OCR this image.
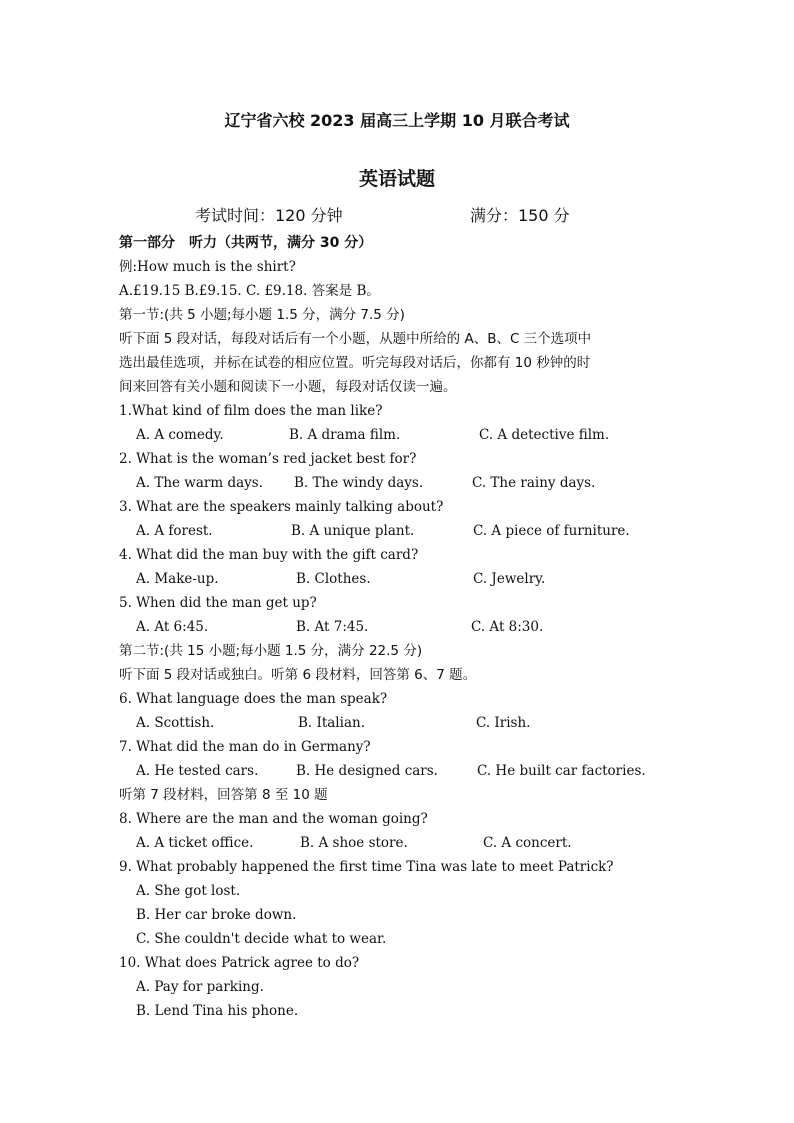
辽宁省六校 2023 届高三上学期 10 月联合考试
英语试题
考试时间：120 分钟	满分：150 分
第一部分　听力（共两节，满分 30 分）
例:How much is the shirt?
A.£19.15 B.£9.15. C. £9.18. 答案是 B。
第一节:(共 5 小题;每小题 1.5 分，满分 7.5 分)
听下面 5 段对话，每段对话后有一个小题，从题中所给的 A、B、C 三个选项中
选出最佳选项，并标在试卷的相应位置。听完每段对话后，你都有 10 秒钟的时
间来回答有关小题和阅读下一小题，每段对话仅读一遍。
1.What kind of film does the man like?
A. A comedy.	B. A drama film.	C. A detective film.
2. What is the woman’s red jacket best for?
A. The warm days. B. The windy days.	C. The rainy days.
3. What are the speakers mainly talking about?
A. A forest.	B. A unique plant.	C. A piece of furniture.
4. What did the man buy with the gift card?
A. Make-up.	B. Clothes.	C. Jewelry.
5. When did the man get up?
A. At 6:45.	B. At 7:45.	C. At 8:30.
第二节:(共 15 小题;每小题 1.5 分，满分 22.5 分)
听下面 5 段对话或独白。听第 6 段材料，回答第 6、7 题。
6. What language does the man speak?
A. Scottish.	B. Italian.	C. Irish.
7. What did the man do in Germany?
A. He tested cars.	B. He designed cars.	C. He built car factories.
听第 7 段材料，回答第 8 至 10 题
8. Where are the man and the woman going?
A. A ticket office.	B. A shoe store.	C. A concert.
9. What probably happened the first time Tina was late to meet Patrick?
A. She got lost.
B. Her car broke down.
C. She couldn't decide what to wear.
10. What does Patrick agree to do?
A. Pay for parking.
B. Lend Tina his phone.
